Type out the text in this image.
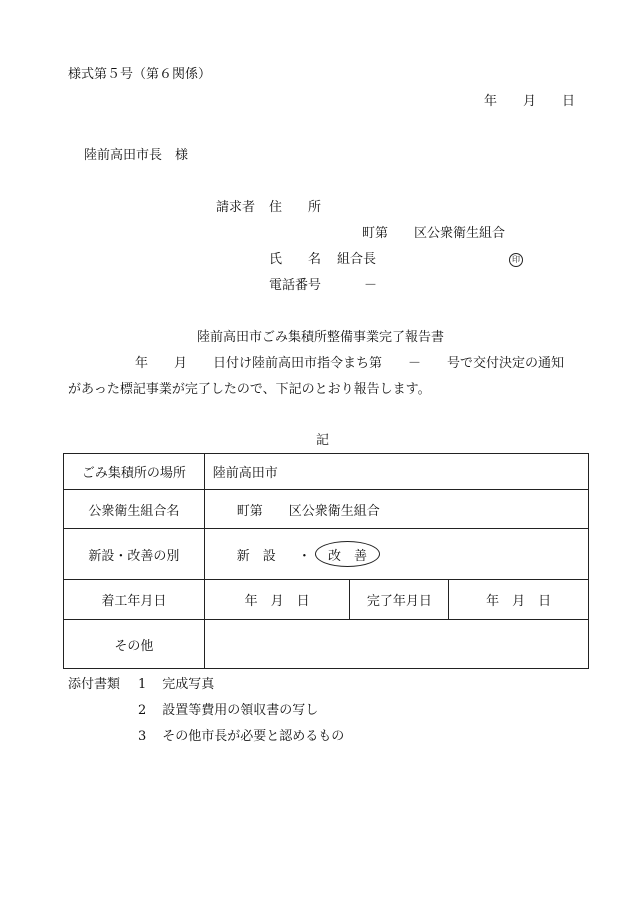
様式第５号（第６関係）
年　　月　　日
陸前高田市長　様
請求者 住　　所
町第　　区公衆衛生組合
氏　　名 組合長	印
電話番号	－
陸前高田市ごみ集積所整備事業完了報告書
年　　月　　日付け陸前高田市指令まち第　　－　　号で交付決定の通知
があった標記事業が完了したので、下記のとおり報告します。
記
ごみ集積所の場所	陸前高田市		
公衆衛生組合名	町第　　区公衆衛生組合		
新設・改善の別	新　設 ・ 改　善		
着工年月日	年　月　日	完了年月日	年　月　日
その他			
添付書類 1 完成写真
2 設置等費用の領収書の写し
3 その他市長が必要と認めるもの
